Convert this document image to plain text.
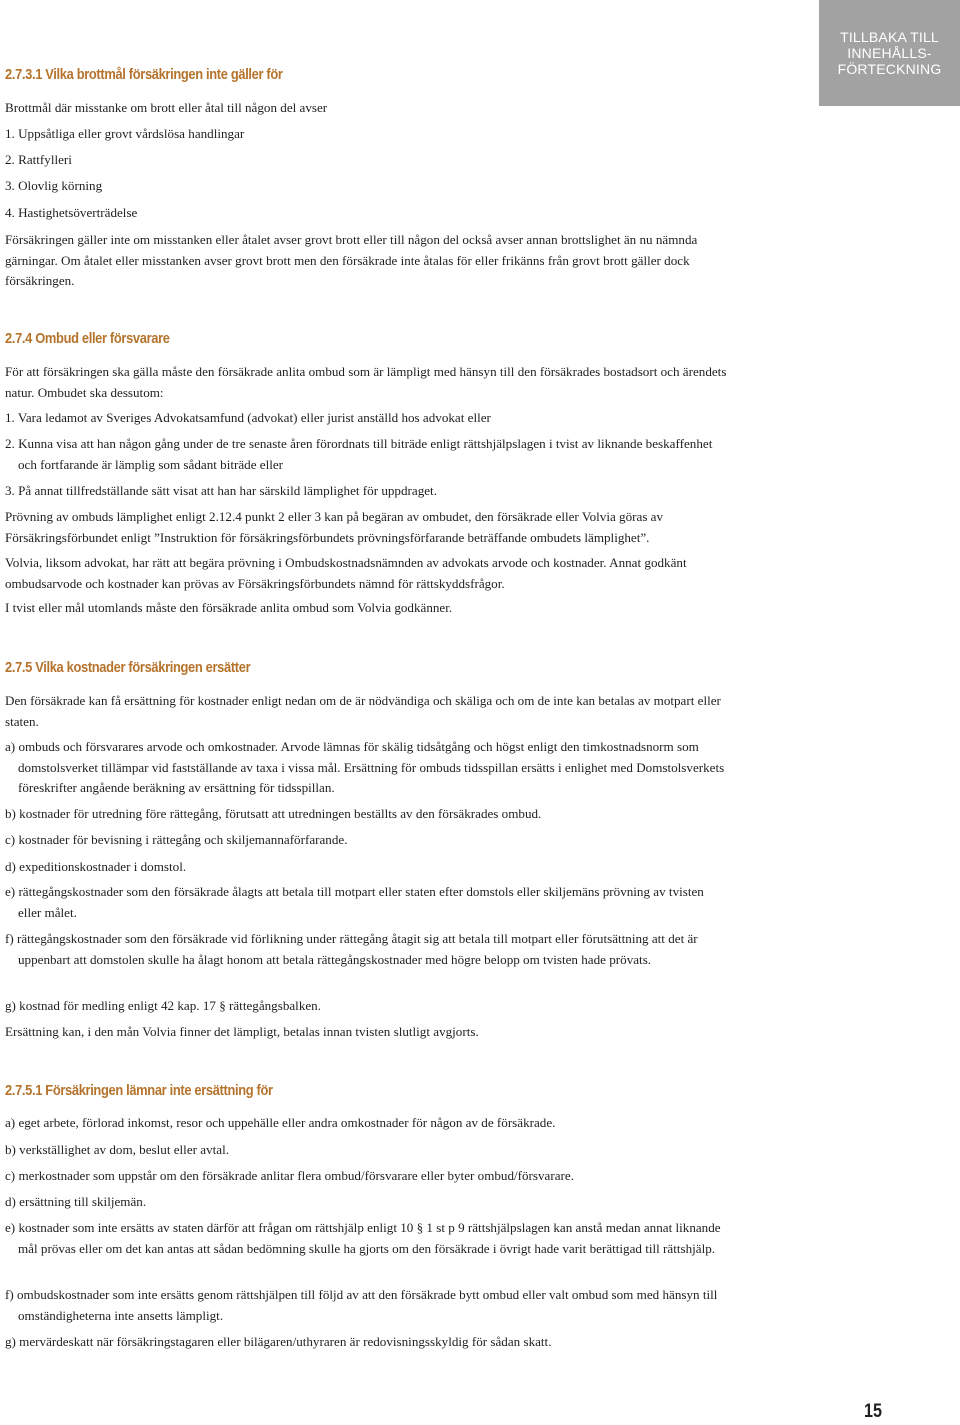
TILLBAKA TILL
INNEHÅLLS-
FÖRTECKNING
2.7.3.1 Vilka brottmål försäkringen inte gäller för

Brottmål där misstanke om brott eller åtal till någon del avser

1. Uppsåtliga eller grovt vårdslösa handlingar

2. Rattfylleri

3. Olovlig körning

4. Hastighetsöverträdelse

Försäkringen gäller inte om misstanken eller åtalet avser grovt brott eller till någon del också avser annan brottslighet än nu nämnda gärningar. Om åtalet eller misstanken avser grovt brott men den försäkrade inte åtalas för eller frikänns från grovt brott gäller dock försäkringen.

2.7.4 Ombud eller försvarare

För att försäkringen ska gälla måste den försäkrade anlita ombud som är lämpligt med hänsyn till den försäkrades bostadsort och ärendets natur. Ombudet ska dessutom:

1. Vara ledamot av Sveriges Advokatsamfund (advokat) eller jurist anställd hos advokat eller

2. Kunna visa att han någon gång under de tre senaste åren förordnats till biträde enligt rättshjälpslagen i tvist av liknande beskaffenhet och fortfarande är lämplig som sådant biträde eller

3. På annat tillfredställande sätt visat att han har särskild lämplighet för uppdraget.

Prövning av ombuds lämplighet enligt 2.12.4 punkt 2 eller 3 kan på begäran av ombudet, den försäkrade eller Volvia göras av Försäkringsförbundet enligt ”Instruktion för försäkringsförbundets prövningsförfarande beträffande ombudets lämplighet”.

Volvia, liksom advokat, har rätt att begära prövning i Ombudskostnadsnämnden av advokats arvode och kostnader. Annat godkänt ombudsarvode och kostnader kan prövas av Försäkringsförbundets nämnd för rättskyddsfrågor.

I tvist eller mål utomlands måste den försäkrade anlita ombud som Volvia godkänner.

2.7.5 Vilka kostnader försäkringen ersätter

Den försäkrade kan få ersättning för kostnader enligt nedan om de är nödvändiga och skäliga och om de inte kan betalas av motpart eller staten.

a) ombuds och försvarares arvode och omkostnader. Arvode lämnas för skälig tidsåtgång och högst enligt den timkostnadsnorm som domstolsverket tillämpar vid fastställande av taxa i vissa mål. Ersättning för ombuds tidsspillan ersätts i enlighet med Domstolsverkets föreskrifter angående beräkning av ersättning för tidsspillan.

b) kostnader för utredning före rättegång, förutsatt att utredningen beställts av den försäkrades ombud.

c) kostnader för bevisning i rättegång och skiljemannaförfarande.

d) expeditionskostnader i domstol.

e) rättegångskostnader som den försäkrade ålagts att betala till motpart eller staten efter domstols eller skiljemäns prövning av tvisten eller målet.

f) rättegångskostnader som den försäkrade vid förlikning under rättegång åtagit sig att betala till motpart eller förutsättning att det är uppenbart att domstolen skulle ha ålagt honom att betala rättegångskostnader med högre belopp om tvisten hade prövats.

g) kostnad för medling enligt 42 kap. 17 § rättegångsbalken.

Ersättning kan, i den mån Volvia finner det lämpligt, betalas innan tvisten slutligt avgjorts.

2.7.5.1 Försäkringen lämnar inte ersättning för

a) eget arbete, förlorad inkomst, resor och uppehälle eller andra omkostnader för någon av de försäkrade.

b) verkställighet av dom, beslut eller avtal.

c) merkostnader som uppstår om den försäkrade anlitar flera ombud/försvarare eller byter ombud/försvarare.

d) ersättning till skiljemän.

e) kostnader som inte ersätts av staten därför att frågan om rättshjälp enligt 10 § 1 st p 9 rättshjälpslagen kan anstå medan annat liknande mål prövas eller om det kan antas att sådan bedömning skulle ha gjorts om den försäkrade i övrigt hade varit berättigad till rättshjälp.

f) ombudskostnader som inte ersätts genom rättshjälpen till följd av att den försäkrade bytt ombud eller valt ombud som med hänsyn till omständigheterna inte ansetts lämpligt.

g) mervärdeskatt när försäkringstagaren eller bilägaren/uthyraren är redovisningsskyldig för sådan skatt.

15
